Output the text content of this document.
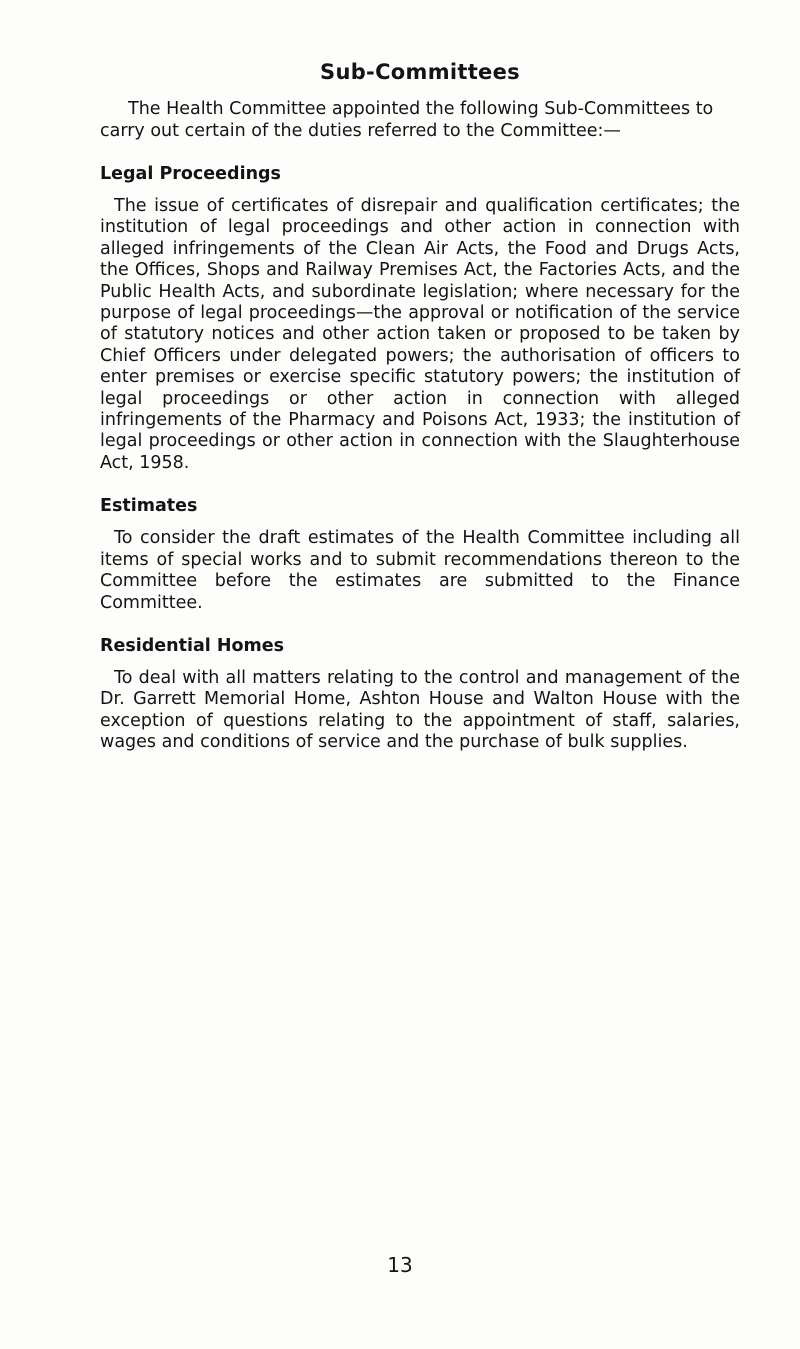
Sub-Committees
The Health Committee appointed the following Sub-Committees to carry out certain of the duties referred to the Committee:—
Legal Proceedings
The issue of certificates of disrepair and qualification certificates; the institution of legal proceedings and other action in connection with alleged infringements of the Clean Air Acts, the Food and Drugs Acts, the Offices, Shops and Railway Premises Act, the Factories Acts, and the Public Health Acts, and subordinate legislation; where necessary for the purpose of legal proceedings—the approval or notification of the service of statutory notices and other action taken or proposed to be taken by Chief Officers under delegated powers; the authorisation of officers to enter premises or exercise specific statutory powers; the institution of legal proceedings or other action in connection with alleged infringements of the Pharmacy and Poisons Act, 1933; the institution of legal proceedings or other action in connection with the Slaughterhouse Act, 1958.
Estimates
To consider the draft estimates of the Health Committee including all items of special works and to submit recommendations thereon to the Committee before the estimates are submitted to the Finance Committee.
Residential Homes
To deal with all matters relating to the control and management of the Dr. Garrett Memorial Home, Ashton House and Walton House with the exception of questions relating to the appointment of staff, salaries, wages and conditions of service and the purchase of bulk supplies.
13
